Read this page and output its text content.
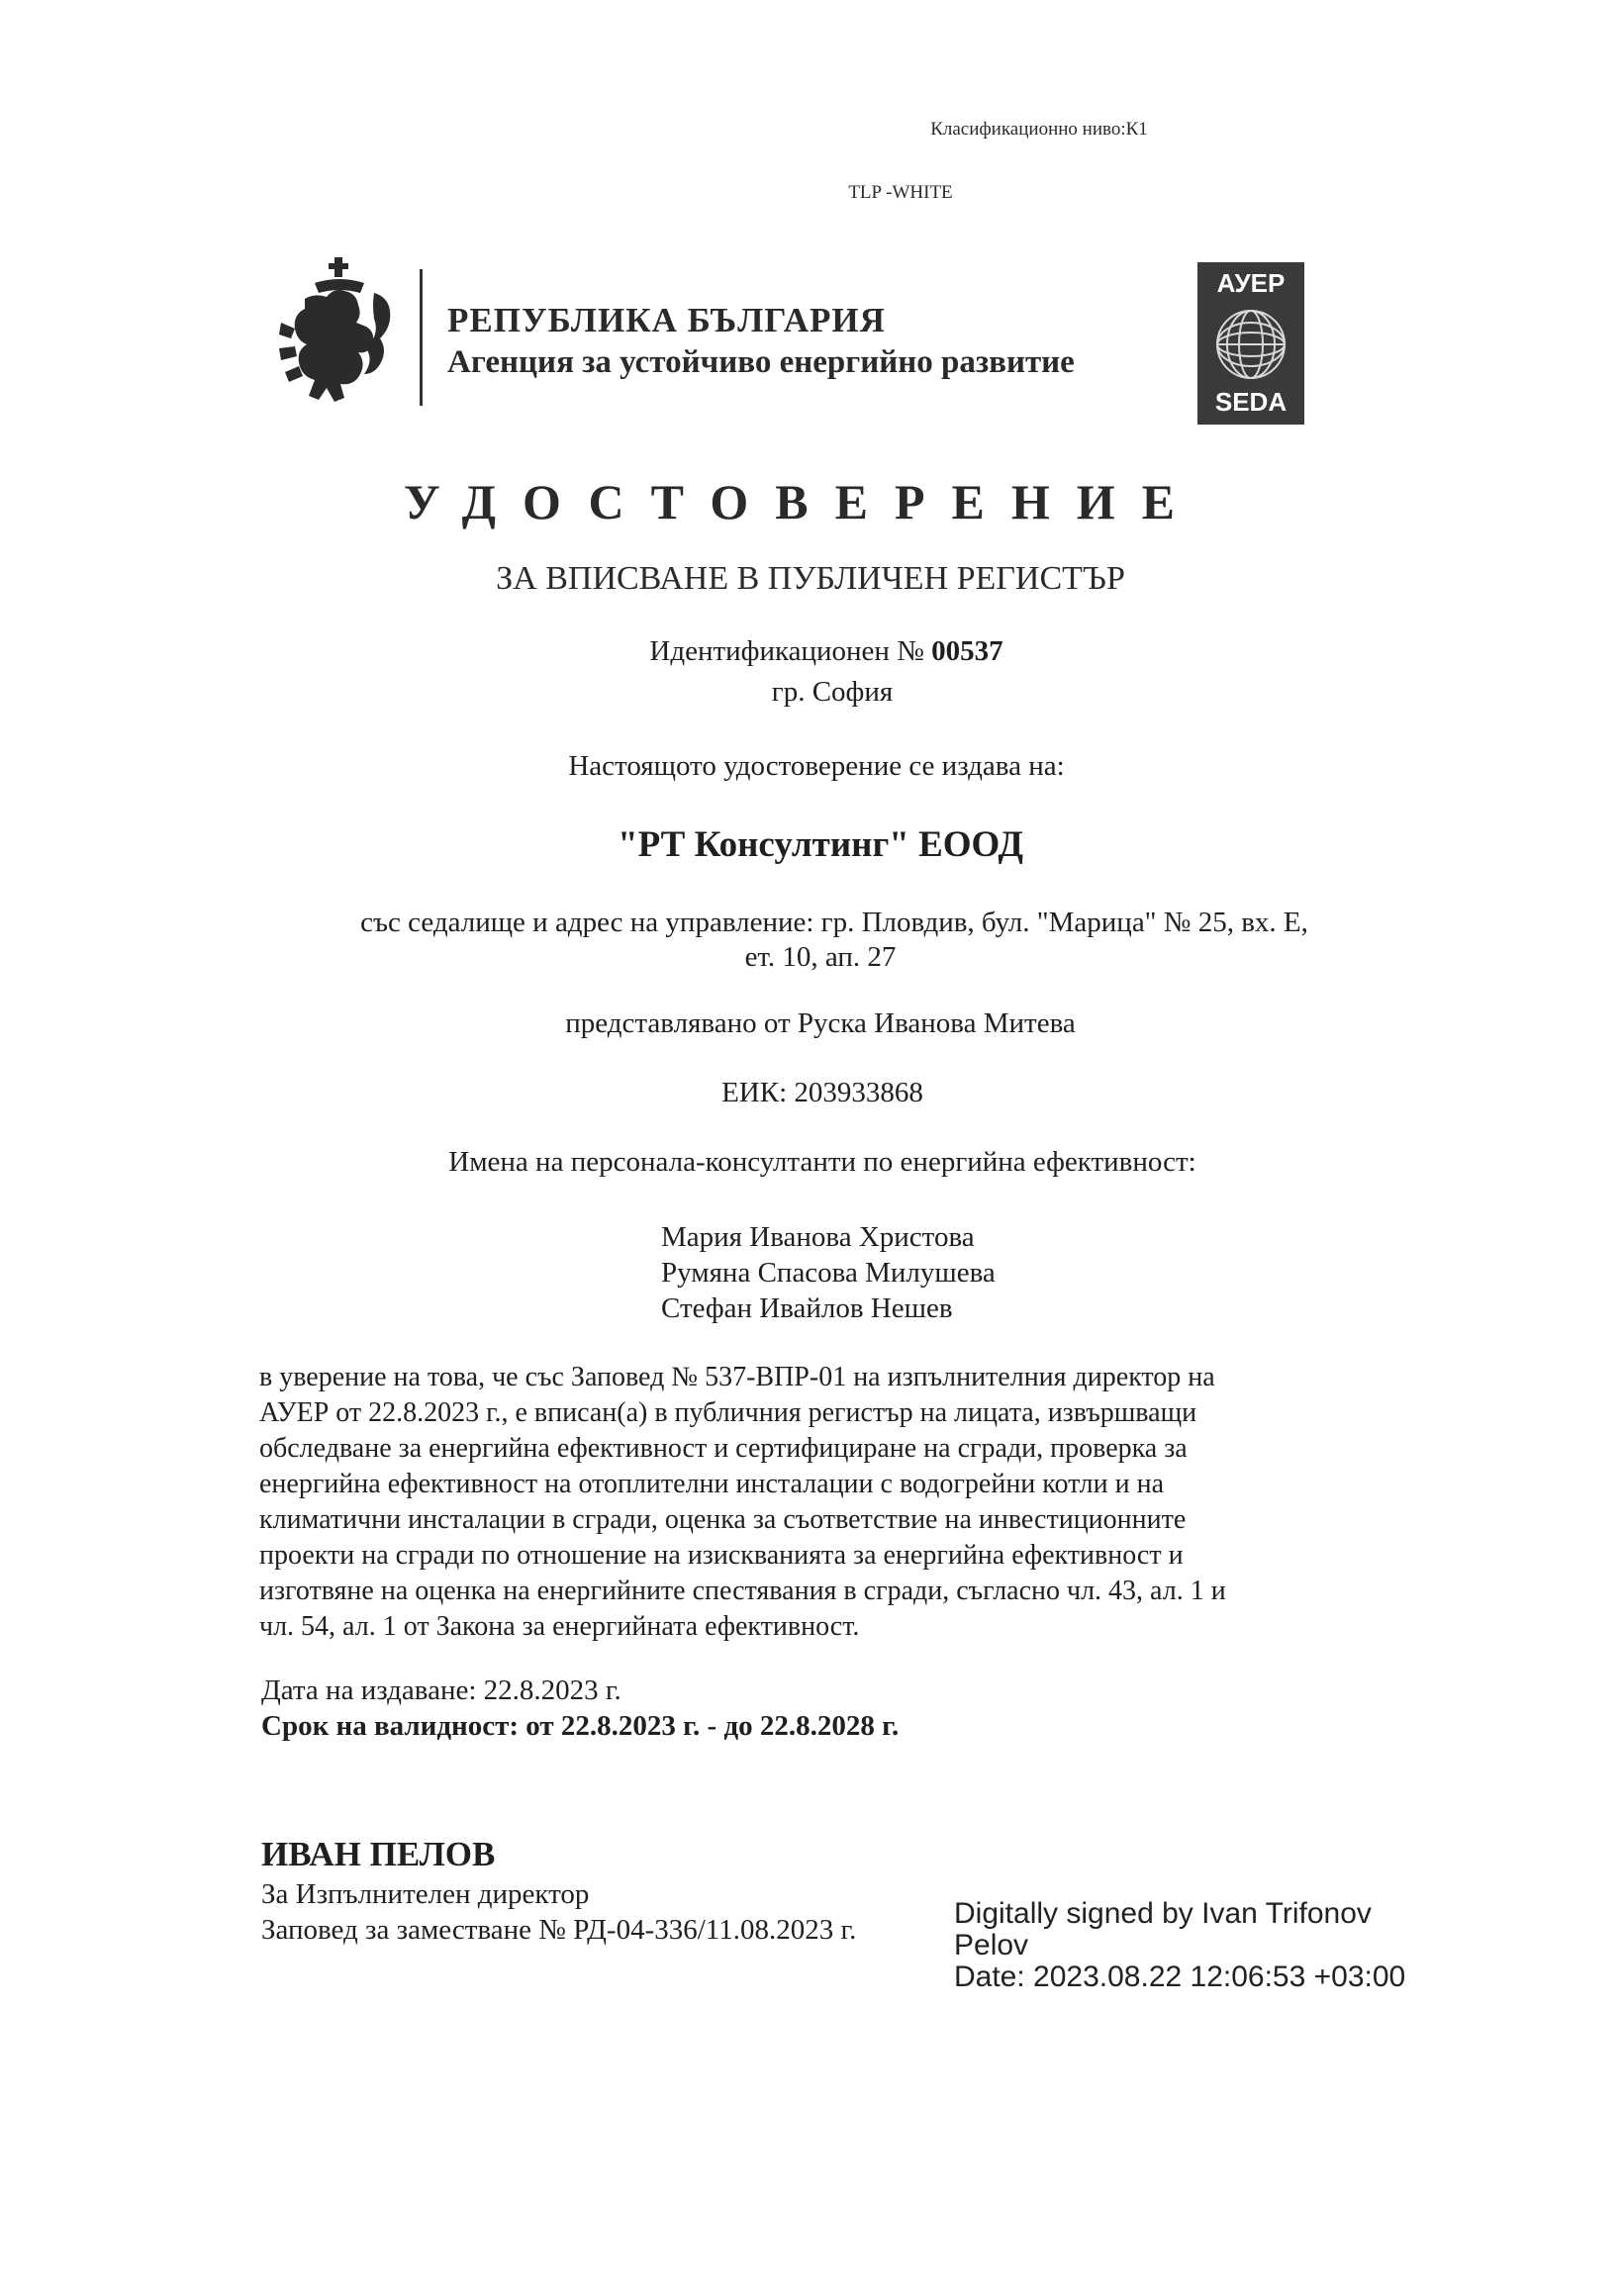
Класификационно ниво:К1
TLP -WHITE
РЕПУБЛИКА БЪЛГАРИЯ
Агенция за устойчиво енергийно развитие
АУЕР
SEDA
УДОСТОВЕРЕНИЕ
ЗА ВПИСВАНЕ В ПУБЛИЧЕН РЕГИСТЪР
Идентификационен № 00537
гр. София
Настоящото удостоверение се издава на:
"РТ Консултинг" ЕООД
със седалище и адрес на управление: гр. Пловдив, бул. "Марица" № 25, вх. Е,
ет. 10, ап. 27
представлявано от Руска Иванова Митева
ЕИК: 203933868
Имена на персонала-консултанти по енергийна ефективност:
Мария Иванова Христова
Румяна Спасова Милушева
Стефан Ивайлов Нешев
в уверение на това, че със Заповед № 537-ВПР-01 на изпълнителния директор на
АУЕР от 22.8.2023 г., е вписан(а) в публичния регистър на лицата, извършващи
обследване за енергийна ефективност и сертифициране на сгради, проверка за
енергийна ефективност на отоплителни инсталации с водогрейни котли и на
климатични инсталации в сгради, оценка за съответствие на инвестиционните
проекти на сгради по отношение на изискванията за енергийна ефективност и
изготвяне на оценка на енергийните спестявания в сгради, съгласно чл. 43, ал. 1 и
чл. 54, ал. 1 от Закона за енергийната ефективност.
Дата на издаване: 22.8.2023 г.
Срок на валидност: от 22.8.2023 г. - до 22.8.2028 г.
ИВАН ПЕЛОВ
За Изпълнителен директор
Заповед за заместване № РД-04-336/11.08.2023 г.	Digitally signed by Ivan Trifonov
Pelov
Date: 2023.08.22 12:06:53 +03:00
